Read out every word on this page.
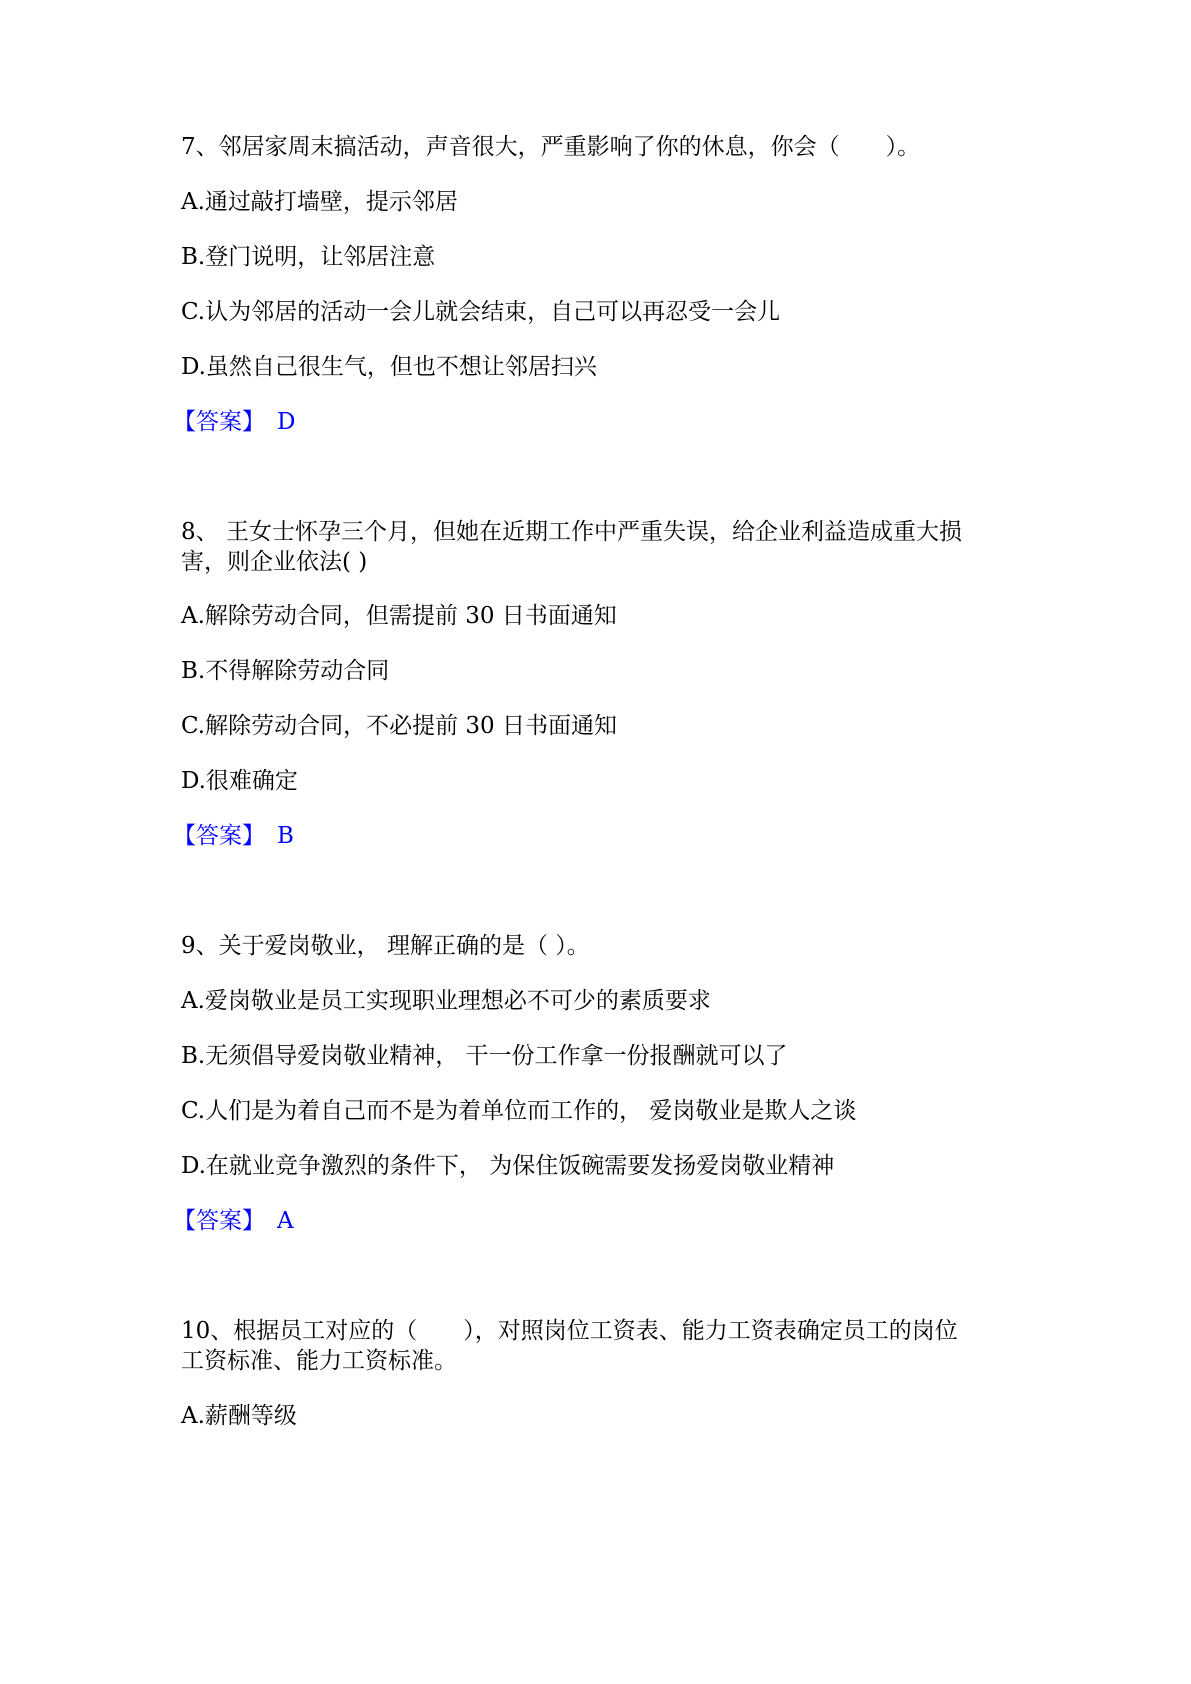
7、邻居家周末搞活动，声音很大，严重影响了你的休息，你会（　　）。
A.通过敲打墙壁，提示邻居
B.登门说明，让邻居注意
C.认为邻居的活动一会儿就会结束，自己可以再忍受一会儿
D.虽然自己很生气，但也不想让邻居扫兴
【答案】 D
8、 王女士怀孕三个月，但她在近期工作中严重失误，给企业利益造成重大损
害，则企业依法( )
A.解除劳动合同，但需提前 30 日书面通知
B.不得解除劳动合同
C.解除劳动合同，不必提前 30 日书面通知
D.很难确定
【答案】 B
9、关于爱岗敬业， 理解正确的是（ ）。
A.爱岗敬业是员工实现职业理想必不可少的素质要求
B.无须倡导爱岗敬业精神， 干一份工作拿一份报酬就可以了
C.人们是为着自己而不是为着单位而工作的， 爱岗敬业是欺人之谈
D.在就业竞争激烈的条件下， 为保住饭碗需要发扬爱岗敬业精神
【答案】 A
10、根据员工对应的（　　），对照岗位工资表、能力工资表确定员工的岗位
工资标准、能力工资标准。
A.薪酬等级
